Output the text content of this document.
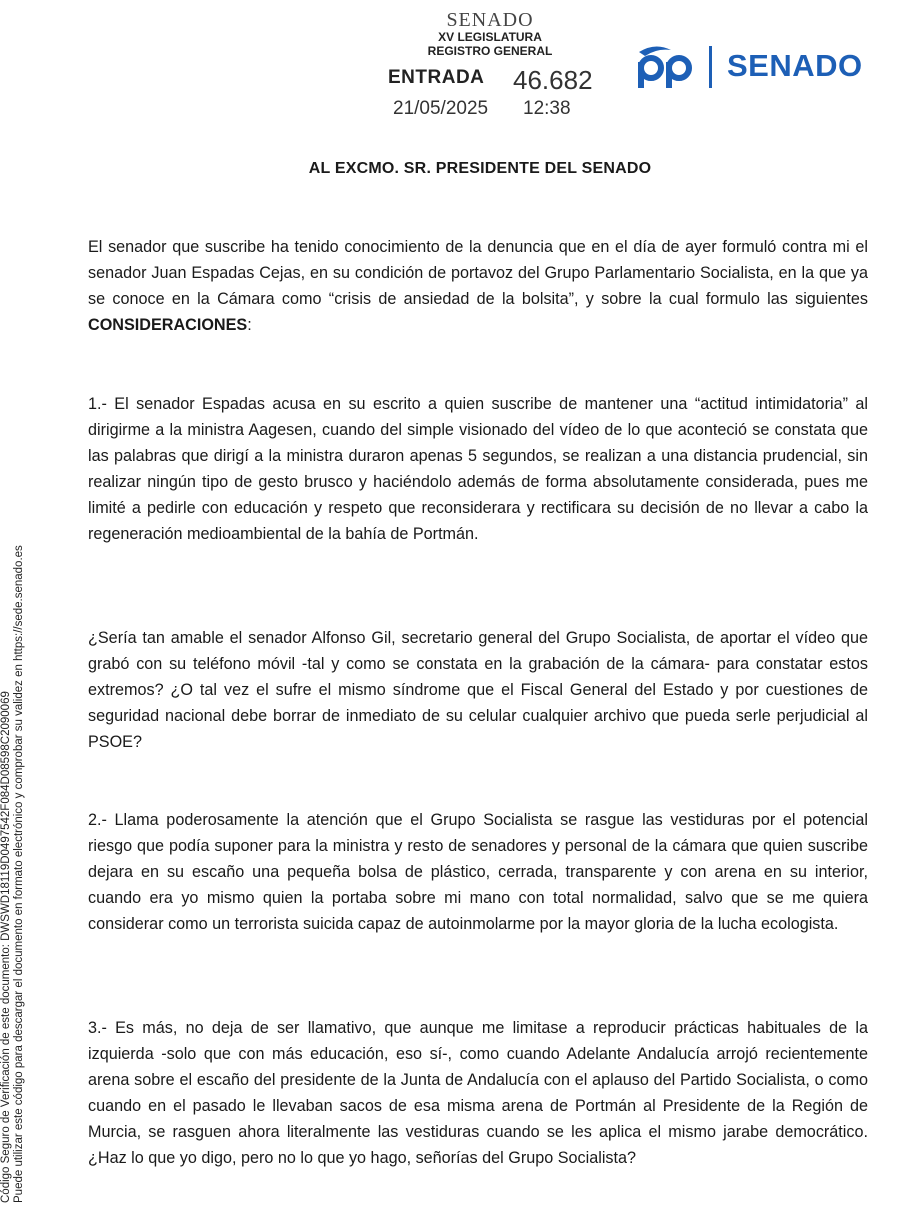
SENADO
XV LEGISLATURA
REGISTRO GENERAL
ENTRADA 46.682
21/05/2025 12:38
SENADO
AL EXCMO. SR. PRESIDENTE DEL SENADO
El senador que suscribe ha tenido conocimiento de la denuncia que en el día de ayer formuló contra mi el senador Juan Espadas Cejas, en su condición de portavoz del Grupo Parlamentario Socialista, en la que ya se conoce en la Cámara como “crisis de ansiedad de la bolsita”, y sobre la cual formulo las siguientes CONSIDERACIONES:
1.- El senador Espadas acusa en su escrito a quien suscribe de mantener una “actitud intimidatoria” al dirigirme a la ministra Aagesen, cuando del simple visionado del vídeo de lo que aconteció se constata que las palabras que dirigí a la ministra duraron apenas 5 segundos, se realizan a una distancia prudencial, sin realizar ningún tipo de gesto brusco y haciéndolo además de forma absolutamente considerada, pues me limité a pedirle con educación y respeto que reconsiderara y rectificara su decisión de no llevar a cabo la regeneración medioambiental de la bahía de Portmán.
¿Sería tan amable el senador Alfonso Gil, secretario general del Grupo Socialista, de aportar el vídeo que grabó con su teléfono móvil -tal y como se constata en la grabación de la cámara- para constatar estos extremos? ¿O tal vez el sufre el mismo síndrome que el Fiscal General del Estado y por cuestiones de seguridad nacional debe borrar de inmediato de su celular cualquier archivo que pueda serle perjudicial al PSOE?
2.- Llama poderosamente la atención que el Grupo Socialista se rasgue las vestiduras por el potencial riesgo que podía suponer para la ministra y resto de senadores y personal de la cámara que quien suscribe dejara en su escaño una pequeña bolsa de plástico, cerrada, transparente y con arena en su interior, cuando era yo mismo quien la portaba sobre mi mano con total normalidad, salvo que se me quiera considerar como un terrorista suicida capaz de autoinmolarme por la mayor gloria de la lucha ecologista.
3.- Es más, no deja de ser llamativo, que aunque me limitase a reproducir prácticas habituales de la izquierda -solo que con más educación, eso sí-, como cuando Adelante Andalucía arrojó recientemente arena sobre el escaño del presidente de la Junta de Andalucía con el aplauso del Partido Socialista, o como cuando en el pasado le llevaban sacos de esa misma arena de Portmán al Presidente de la Región de Murcia, se rasguen ahora literalmente las vestiduras cuando se les aplica el mismo jarabe democrático. ¿Haz lo que yo digo, pero no lo que yo hago, señorías del Grupo Socialista?
Código Seguro de Verificación de este documento: DWSWD18119D0497542F084D08598C2090069 Puede utilizar este código para descargar el documento en formato electrónico y comprobar su validez en https://sede.senado.es
